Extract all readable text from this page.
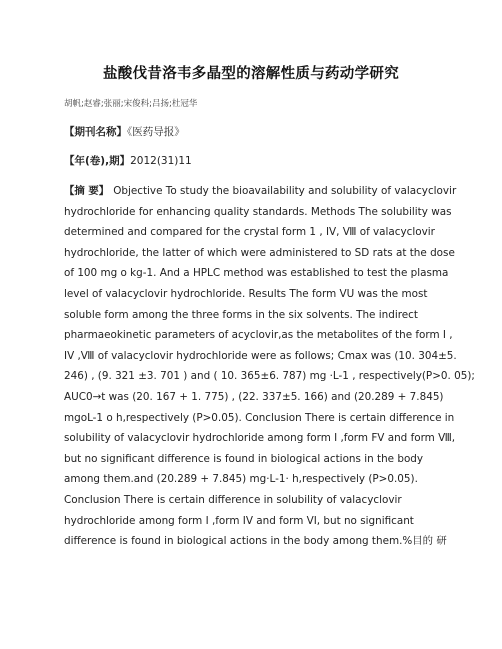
盐酸伐昔洛韦多晶型的溶解性质与药动学研究
胡帆;赵睿;张丽;宋俊科;吕扬;杜冠华
【期刊名称】《医药导报》
【年(卷),期】2012(31)11
【摘 要】 Objective To study the bioavailability and solubility of valacyclovir
hydrochloride for enhancing quality standards. Methods The solubility was
determined and compared for the crystal form 1 , IV, Ⅷ of valacyclovir
hydrochloride, the latter of which were administered to SD rats at the dose
of 100 mg o kg-1. And a HPLC method was established to test the plasma
level of valacyclovir hydrochloride. Results The form VU was the most
soluble form among the three forms in the six solvents. The indirect
pharmaeokinetic parameters of acyclovir,as the metabolites of the form I ,
IV ,Ⅷ of valacyclovir hydrochloride were as follows; Cmax was (10. 304±5.
246) , (9. 321 ±3. 701 ) and ( 10. 365±6. 787) mg ·L-1 , respectively(P>0. 05);
AUC0→t was (20. 167 + 1. 775) , (22. 337±5. 166) and (20.289 + 7.845)
mgoL-1 o h,respectively (P>0.05). Conclusion There is certain difference in
solubility of valacyclovir hydrochloride among form I ,form FV and form Ⅷ,
but no significant difference is found in biological actions in the body
among them.and (20.289 + 7.845) mg·L-1· h,respectively (P>0.05).
Conclusion There is certain difference in solubility of valacyclovir
hydrochloride among form I ,form IV and form VI, but no significant
difference is found in biological actions in the body among them.%目的 研
